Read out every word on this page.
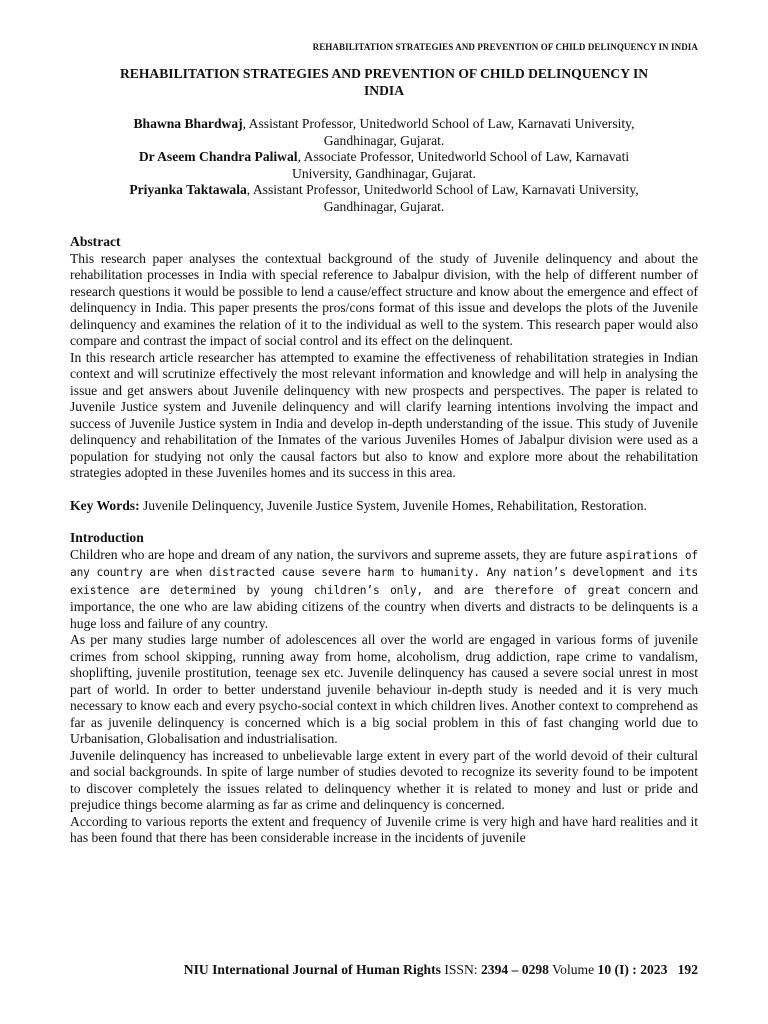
REHABILITATION STRATEGIES AND PREVENTION OF CHILD DELINQUENCY IN INDIA
REHABILITATION STRATEGIES AND PREVENTION OF CHILD DELINQUENCY IN
INDIA

Bhawna Bhardwaj, Assistant Professor, Unitedworld School of Law, Karnavati University,

Gandhinagar, Gujarat.

Dr Aseem Chandra Paliwal, Associate Professor, Unitedworld School of Law, Karnavati

University, Gandhinagar, Gujarat.

Priyanka Taktawala, Assistant Professor, Unitedworld School of Law, Karnavati University,

Gandhinagar, Gujarat.

Abstract

This research paper analyses the contextual background of the study of Juvenile delinquency and about the rehabilitation processes in India with special reference to Jabalpur division, with the help of different number of research questions it would be possible to lend a cause/effect structure and know about the emergence and effect of delinquency in India. This paper presents the pros/cons format of this issue and develops the plots of the Juvenile delinquency and examines the relation of it to the individual as well to the system. This research paper would also compare and contrast the impact of social control and its effect on the delinquent.

In this research article researcher has attempted to examine the effectiveness of rehabilitation strategies in Indian context and will scrutinize effectively the most relevant information and knowledge and will help in analysing the issue and get answers about Juvenile delinquency with new prospects and perspectives. The paper is related to Juvenile Justice system and Juvenile delinquency and will clarify learning intentions involving the impact and success of Juvenile Justice system in India and develop in-depth understanding of the issue. This study of Juvenile delinquency and rehabilitation of the Inmates of the various Juveniles Homes of Jabalpur division were used as a population for studying not only the causal factors but also to know and explore more about the rehabilitation strategies adopted in these Juveniles homes and its success in this area.

Key Words: Juvenile Delinquency, Juvenile Justice System, Juvenile Homes, Rehabilitation, Restoration.

Introduction

Children who are hope and dream of any nation, the survivors and supreme assets, they are future aspirations of any country are when distracted cause severe harm to humanity. Any nation’s development and its existence are determined by young children’s only, and are therefore of great concern and importance, the one who are law abiding citizens of the country when diverts and distracts to be delinquents is a huge loss and failure of any country.

As per many studies large number of adolescences all over the world are engaged in various forms of juvenile crimes from school skipping, running away from home, alcoholism, drug addiction, rape crime to vandalism, shoplifting, juvenile prostitution, teenage sex etc. Juvenile delinquency has caused a severe social unrest in most part of world. In order to better understand juvenile behaviour in-depth study is needed and it is very much necessary to know each and every psycho-social context in which children lives. Another context to comprehend as far as juvenile delinquency is concerned which is a big social problem in this of fast changing world due to Urbanisation, Globalisation and industrialisation.

Juvenile delinquency has increased to unbelievable large extent in every part of the world devoid of their cultural and social backgrounds. In spite of large number of studies devoted to recognize its severity found to be impotent to discover completely the issues related to delinquency whether it is related to money and lust or pride and prejudice things become alarming as far as crime and delinquency is concerned.

According to various reports the extent and frequency of Juvenile crime is very high and have hard realities and it has been found that there has been considerable increase in the incidents of juvenile

NIU International Journal of Human Rights ISSN: 2394 – 0298 Volume 10 (I) : 2023 192
